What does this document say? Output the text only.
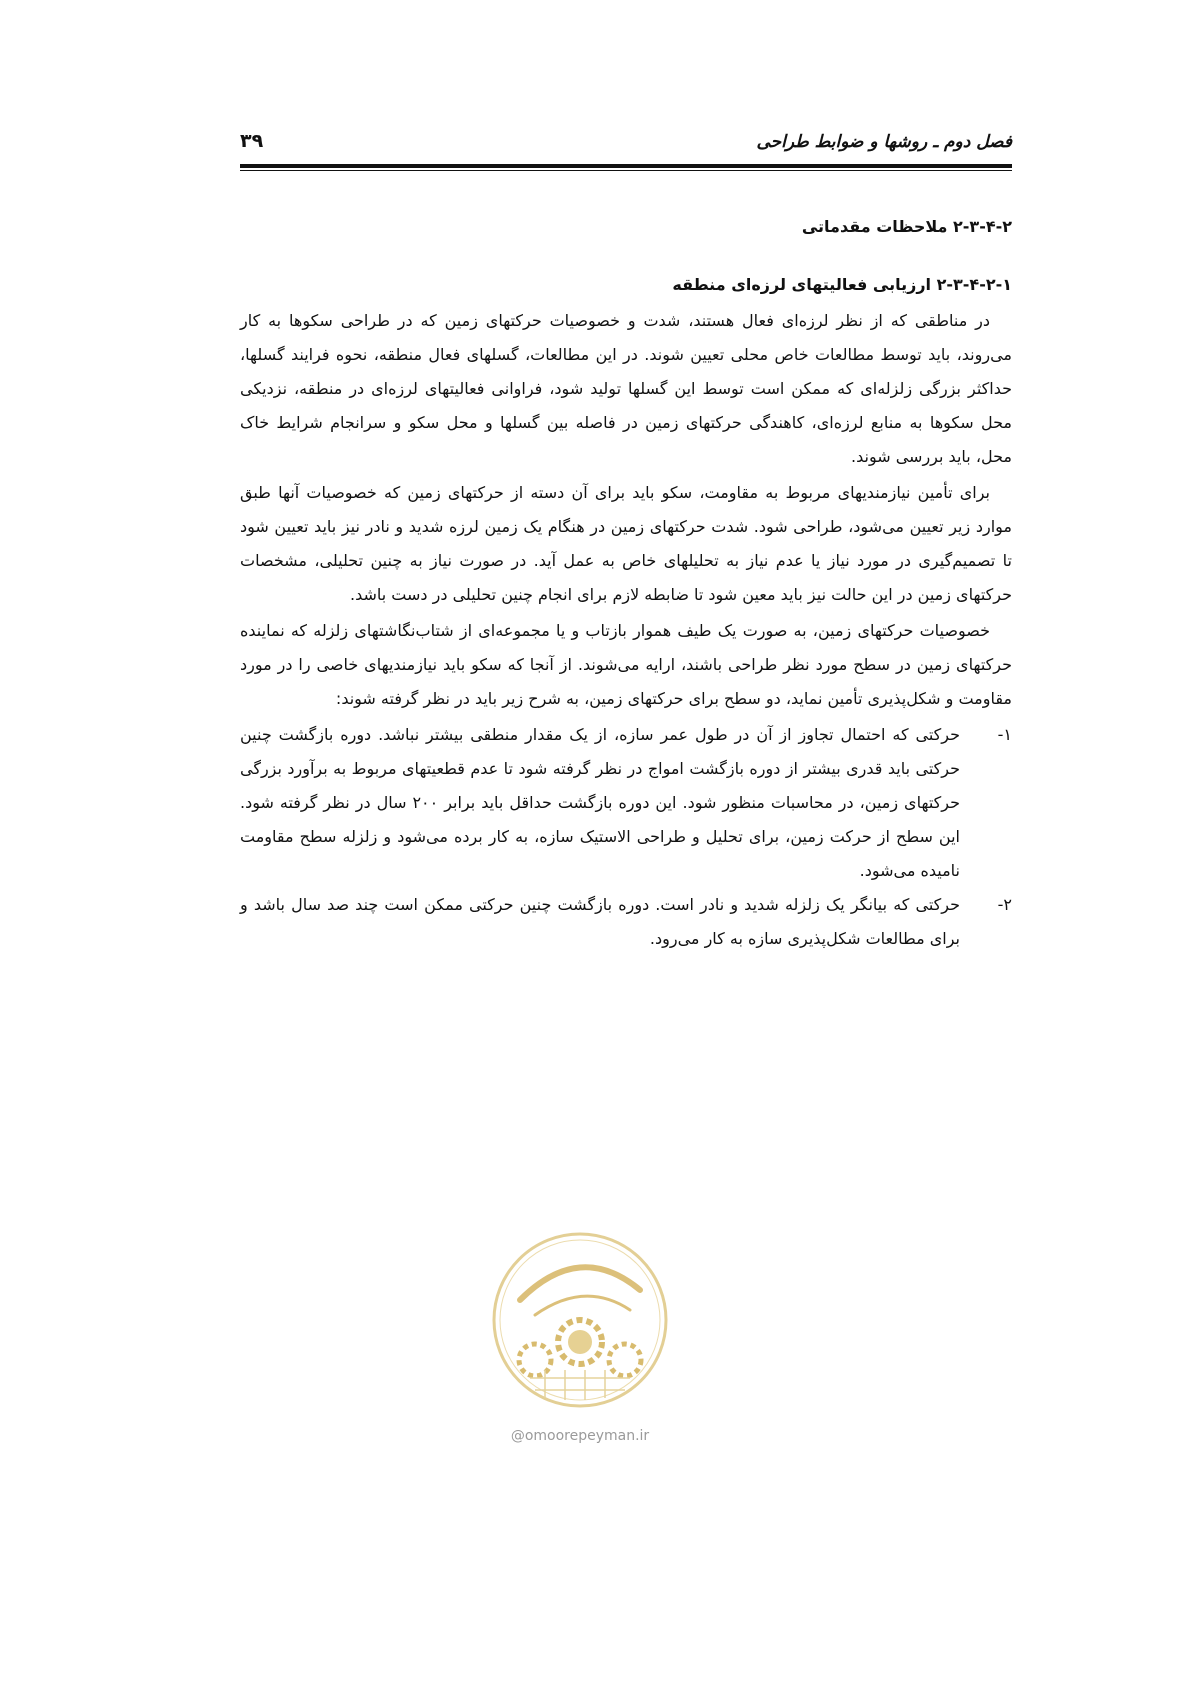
فصل دوم ـ روشها و ضوابط طراحی
۳۹
۲-۳-۴-۲ ملاحظات مقدماتی
۲-۳-۴-۲-۱ ارزیابی فعالیتهای لرزه‌ای منطقه

در مناطقی که از نظر لرزه‌ای فعال هستند، شدت و خصوصیات حرکتهای زمین که در طراحی سکوها به کار می‌روند، باید توسط مطالعات خاص محلی تعیین شوند. در این مطالعات، گسلهای فعال منطقه، نحوه فرایند گسلها، حداکثر بزرگی زلزله‌ای که ممکن است توسط این گسلها تولید شود، فراوانی فعالیتهای لرزه‌ای در منطقه، نزدیکی محل سکوها به منابع لرزه‌ای، کاهندگی حرکتهای زمین در فاصله بین گسلها و محل سکو و سرانجام شرایط خاک محل، باید بررسی شوند.

برای تأمین نیازمندیهای مربوط به مقاومت، سکو باید برای آن دسته از حرکتهای زمین که خصوصیات آنها طبق موارد زیر تعیین می‌شود، طراحی شود. شدت حرکتهای زمین در هنگام یک زمین لرزه شدید و نادر نیز باید تعیین شود تا تصمیم‌گیری در مورد نیاز یا عدم نیاز به تحلیلهای خاص به عمل آید. در صورت نیاز به چنین تحلیلی، مشخصات حرکتهای زمین در این حالت نیز باید معین شود تا ضابطه لازم برای انجام چنین تحلیلی در دست باشد.

خصوصیات حرکتهای زمین، به صورت یک طیف هموار بازتاب و یا مجموعه‌ای از شتاب‌نگاشتهای زلزله که نماینده حرکتهای زمین در سطح مورد نظر طراحی باشند، ارایه می‌شوند. از آنجا که سکو باید نیازمندیهای خاصی را در مورد مقاومت و شکل‌پذیری تأمین نماید، دو سطح برای حرکتهای زمین، به شرح زیر باید در نظر گرفته شوند:

۱-
حرکتی که احتمال تجاوز از آن در طول عمر سازه، از یک مقدار منطقی بیشتر نباشد. دوره بازگشت چنین حرکتی باید قدری بیشتر از دوره بازگشت امواج در نظر گرفته شود تا عدم قطعیتهای مربوط به برآورد بزرگی حرکتهای زمین، در محاسبات منظور شود. این دوره بازگشت حداقل باید برابر ۲۰۰ سال در نظر گرفته شود. این سطح از حرکت زمین، برای تحلیل و طراحی الاستیک سازه، به کار برده می‌شود و زلزله سطح مقاومت نامیده می‌شود.
۲-
حرکتی که بیانگر یک زلزله شدید و نادر است. دوره بازگشت چنین حرکتی ممکن است چند صد سال باشد و برای مطالعات شکل‌پذیری سازه به کار می‌رود.
@omoorepeyman.ir
